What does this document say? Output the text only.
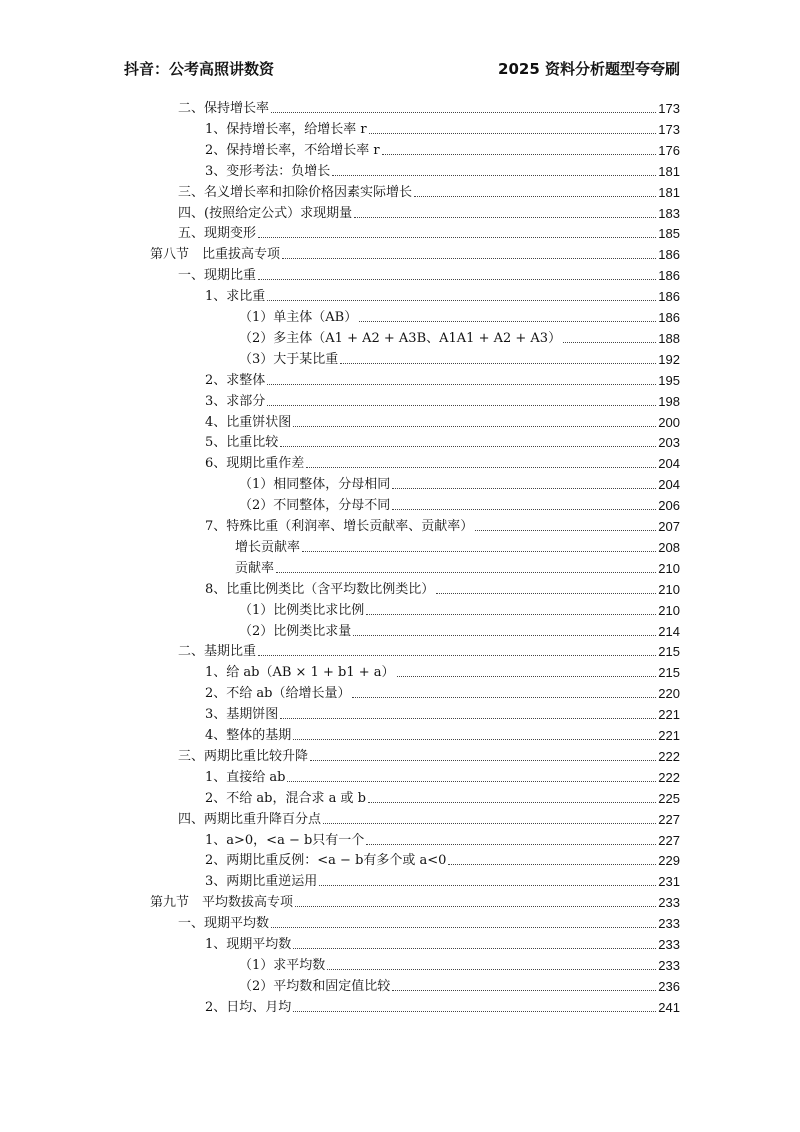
抖音：公考高照讲数资	2025 资料分析题型夸夸刷
二、保持增长率	173
1、保持增长率，给增长率 r	173
2、保持增长率，不给增长率 r	176
3、变形考法：负增长	181
三、名义增长率和扣除价格因素实际增长	181
四、(按照给定公式）求现期量	183
五、现期变形	185
第八节　比重拔高专项	186
一、现期比重	186
1、求比重	186
（1）单主体（AB）	186
（2）多主体（A1 + A2 + A3B、A1A1 + A2 + A3）	188
（3）大于某比重	192
2、求整体	195
3、求部分	198
4、比重饼状图	200
5、比重比较	203
6、现期比重作差	204
（1）相同整体，分母相同	204
（2）不同整体，分母不同	206
7、特殊比重（利润率、增长贡献率、贡献率）	207
增长贡献率	208
贡献率	210
8、比重比例类比（含平均数比例类比）	210
（1）比例类比求比例	210
（2）比例类比求量	214
二、基期比重	215
1、给 ab（AB × 1 + b1 + a）	215
2、不给 ab（给增长量）	220
3、基期饼图	221
4、整体的基期	221
三、两期比重比较升降	222
1、直接给 ab	222
2、不给 ab，混合求 a 或 b	225
四、两期比重升降百分点	227
1、a>0，<a − b只有一个	227
2、两期比重反例：<a − b有多个或 a<0	229
3、两期比重逆运用	231
第九节　平均数拔高专项	233
一、现期平均数	233
1、现期平均数	233
（1）求平均数	233
（2）平均数和固定值比较	236
2、日均、月均	241
